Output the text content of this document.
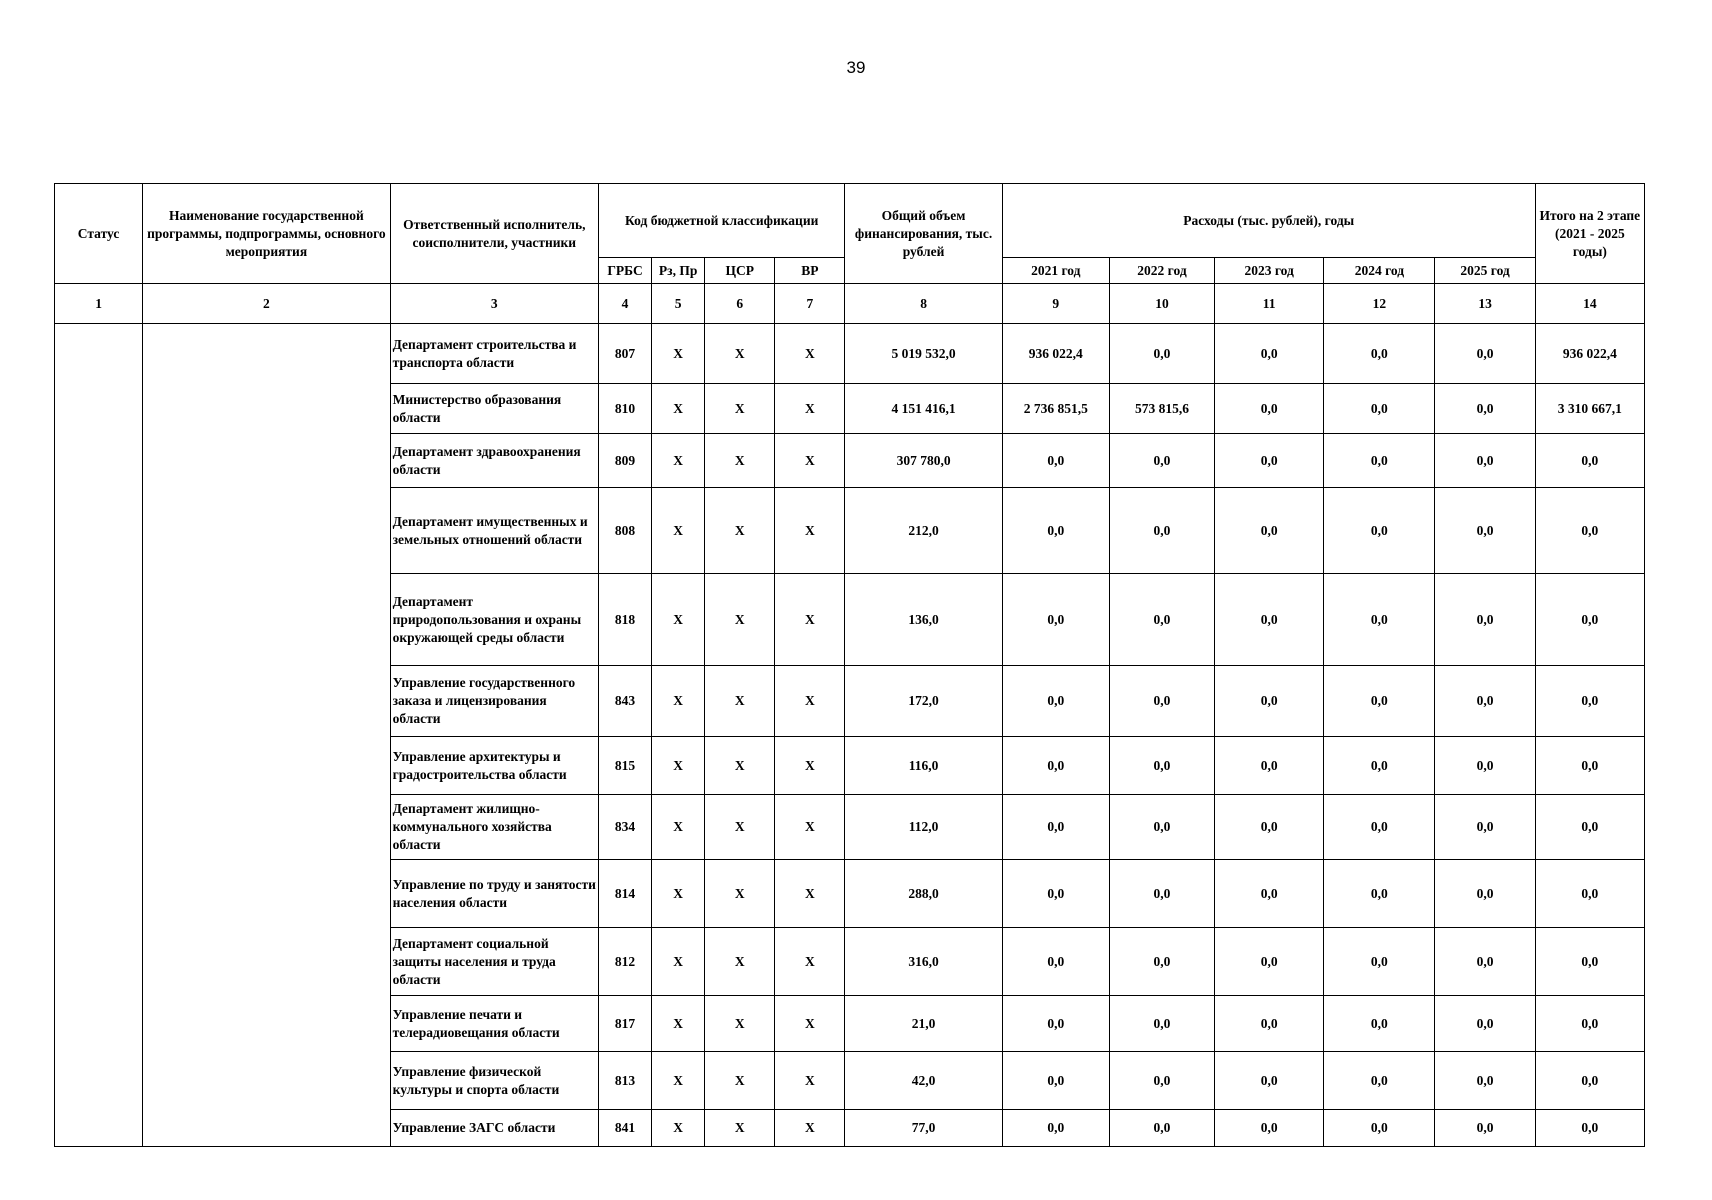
39
Статус	Наименование государственной программы, подпрограммы, основного мероприятия	Ответственный исполнитель, соисполнители, участники	Код бюджетной классификации				Общий объем финансирования, тыс. рублей	Расходы (тыс. рублей), годы					Итого на 2 этапе (2021 - 2025 годы)
			ГРБС	Рз, Пр	ЦСР	ВР		2021 год	2022 год	2023 год	2024 год	2025 год	
1	2	3	4	5	6	7	8	9	10	11	12	13	14
		Департамент строительства и транспорта области	807	Х	Х	Х	5 019 532,0	936 022,4	0,0	0,0	0,0	0,0	936 022,4
		Министерство образования области	810	Х	Х	Х	4 151 416,1	2 736 851,5	573 815,6	0,0	0,0	0,0	3 310 667,1
		Департамент здравоохранения области	809	Х	Х	Х	307 780,0	0,0	0,0	0,0	0,0	0,0	0,0
		Департамент имущественных и земельных отношений области	808	Х	Х	Х	212,0	0,0	0,0	0,0	0,0	0,0	0,0
		Департамент природопользования и охраны окружающей среды области	818	Х	Х	Х	136,0	0,0	0,0	0,0	0,0	0,0	0,0
		Управление государственного заказа и лицензирования области	843	Х	Х	Х	172,0	0,0	0,0	0,0	0,0	0,0	0,0
		Управление архитектуры и градостроительства области	815	Х	Х	Х	116,0	0,0	0,0	0,0	0,0	0,0	0,0
		Департамент жилищно-коммунального хозяйства области	834	Х	Х	Х	112,0	0,0	0,0	0,0	0,0	0,0	0,0
		Управление по труду и занятости населения области	814	Х	Х	Х	288,0	0,0	0,0	0,0	0,0	0,0	0,0
		Департамент социальной защиты населения и труда области	812	Х	Х	Х	316,0	0,0	0,0	0,0	0,0	0,0	0,0
		Управление печати и телерадиовещания области	817	Х	Х	Х	21,0	0,0	0,0	0,0	0,0	0,0	0,0
		Управление физической культуры и спорта области	813	Х	Х	Х	42,0	0,0	0,0	0,0	0,0	0,0	0,0
		Управление ЗАГС области	841	Х	Х	Х	77,0	0,0	0,0	0,0	0,0	0,0	0,0
